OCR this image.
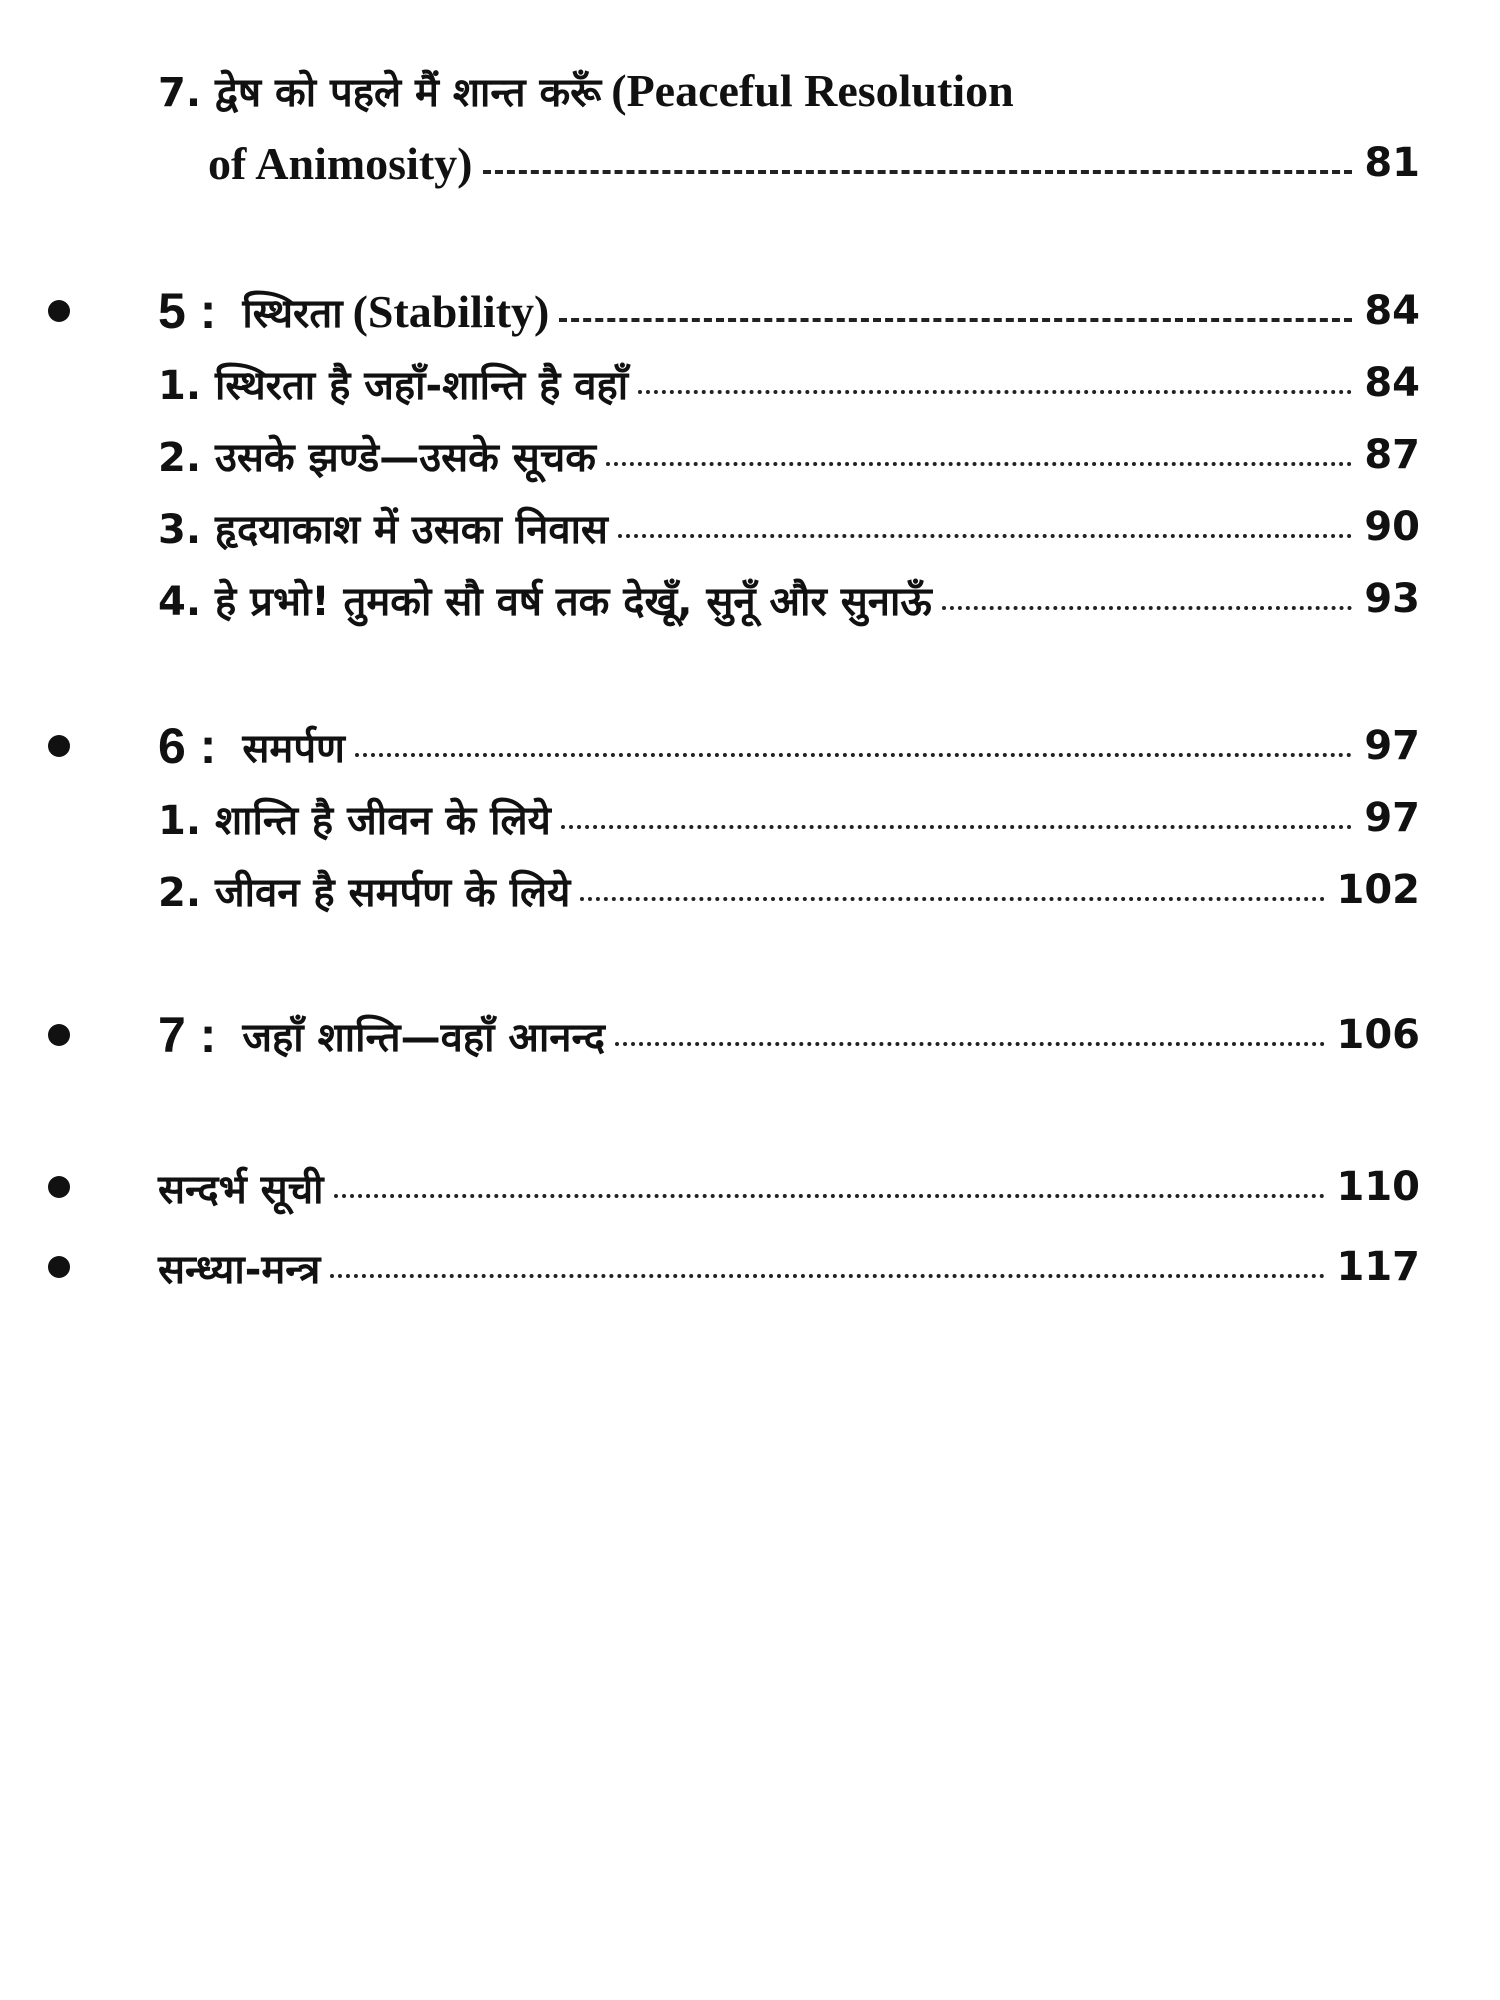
7. द्वेष को पहले मैं शान्त करूँ (Peaceful Resolution
of Animosity)	81
5 : स्थिरता (Stability)	84
1. स्थिरता है जहाँ-शान्ति है वहाँ	84
2. उसके झण्डे—उसके सूचक	87
3. हृदयाकाश में उसका निवास	90
4. हे प्रभो! तुमको सौ वर्ष तक देखूँ, सुनूँ और सुनाऊँ	93
6 : समर्पण	97
1. शान्ति है जीवन के लिये	97
2. जीवन है समर्पण के लिये	102
7 : जहाँ शान्ति—वहाँ आनन्द	106
सन्दर्भ सूची	110
सन्ध्या-मन्त्र	117
